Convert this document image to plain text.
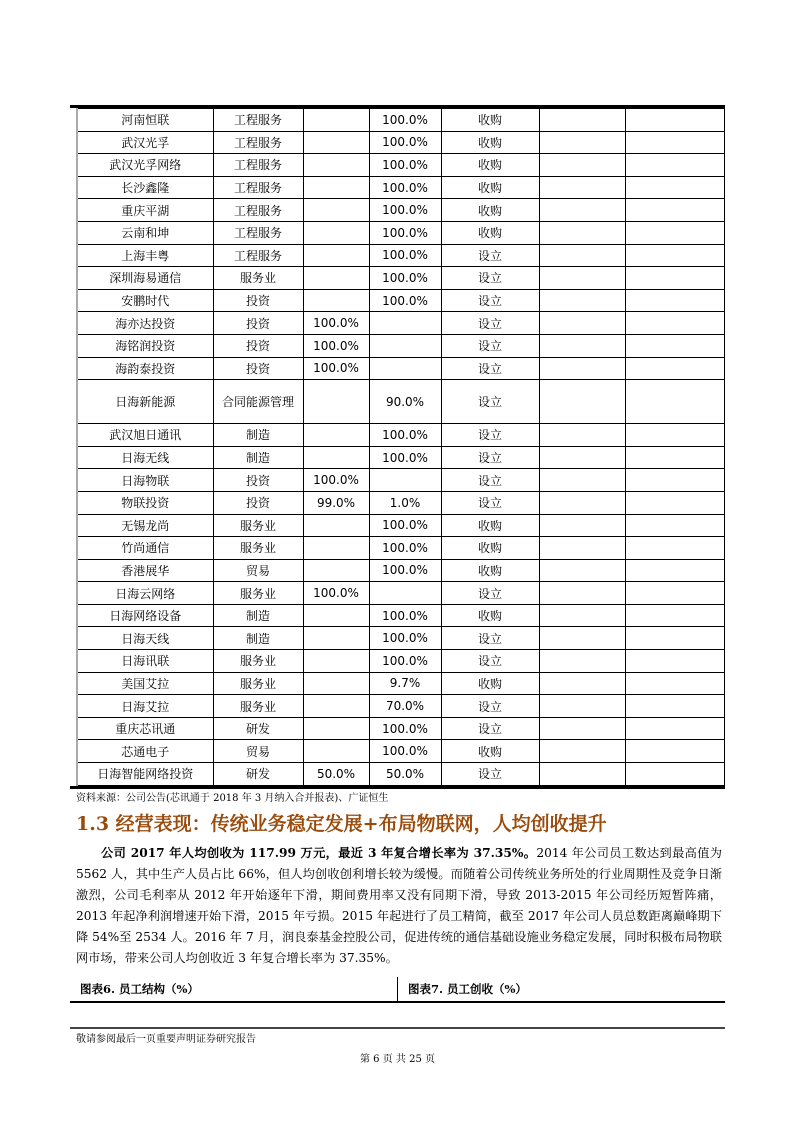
河南恒联	工程服务		100.0%	收购		
武汉光孚	工程服务		100.0%	收购		
武汉光孚网络	工程服务		100.0%	收购		
长沙鑫隆	工程服务		100.0%	收购		
重庆平湖	工程服务		100.0%	收购		
云南和坤	工程服务		100.0%	收购		
上海丰粤	工程服务		100.0%	设立		
深圳海易通信	服务业		100.0%	设立		
安鹏时代	投资		100.0%	设立		
海亦达投资	投资	100.0%		设立		
海铭润投资	投资	100.0%		设立		
海韵泰投资	投资	100.0%		设立		
日海新能源	合同能源管理		90.0%	设立		
武汉旭日通讯	制造		100.0%	设立		
日海无线	制造		100.0%	设立		
日海物联	投资	100.0%		设立		
物联投资	投资	99.0%	1.0%	设立		
无锡龙尚	服务业		100.0%	收购		
竹尚通信	服务业		100.0%	收购		
香港展华	贸易		100.0%	收购		
日海云网络	服务业	100.0%		设立		
日海网络设备	制造		100.0%	收购		
日海天线	制造		100.0%	设立		
日海讯联	服务业		100.0%	设立		
美国艾拉	服务业		9.7%	收购		
日海艾拉	服务业		70.0%	设立		
重庆芯讯通	研发		100.0%	设立		
芯通电子	贸易		100.0%	收购		
日海智能网络投资	研发	50.0%	50.0%	设立		
资料来源：公司公告(芯讯通于 2018 年 3 月纳入合并报表)、广证恒生
1.3 经营表现：传统业务稳定发展+布局物联网，人均创收提升
公司 2017 年人均创收为 117.99 万元，最近 3 年复合增长率为 37.35%。2014 年公司员工数达到最高值为 5562 人，其中生产人员占比 66%，但人均创收创利增长较为缓慢。而随着公司传统业务所处的行业周期性及竞争日渐激烈，公司毛利率从 2012 年开始逐年下滑，期间费用率又没有同期下滑，导致 2013-2015 年公司经历短暂阵痛，2013 年起净利润增速开始下滑，2015 年亏损。2015 年起进行了员工精简，截至 2017 年公司人员总数距离巅峰期下降 54%至 2534 人。2016 年 7 月，润良泰基金控股公司，促进传统的通信基础设施业务稳定发展，同时积极布局物联网市场，带来公司人均创收近 3 年复合增长率为 37.35%。
图表6. 员工结构（%）	图表7. 员工创收（%）
敬请参阅最后一页重要声明证券研究报告
第 6 页 共 25 页
